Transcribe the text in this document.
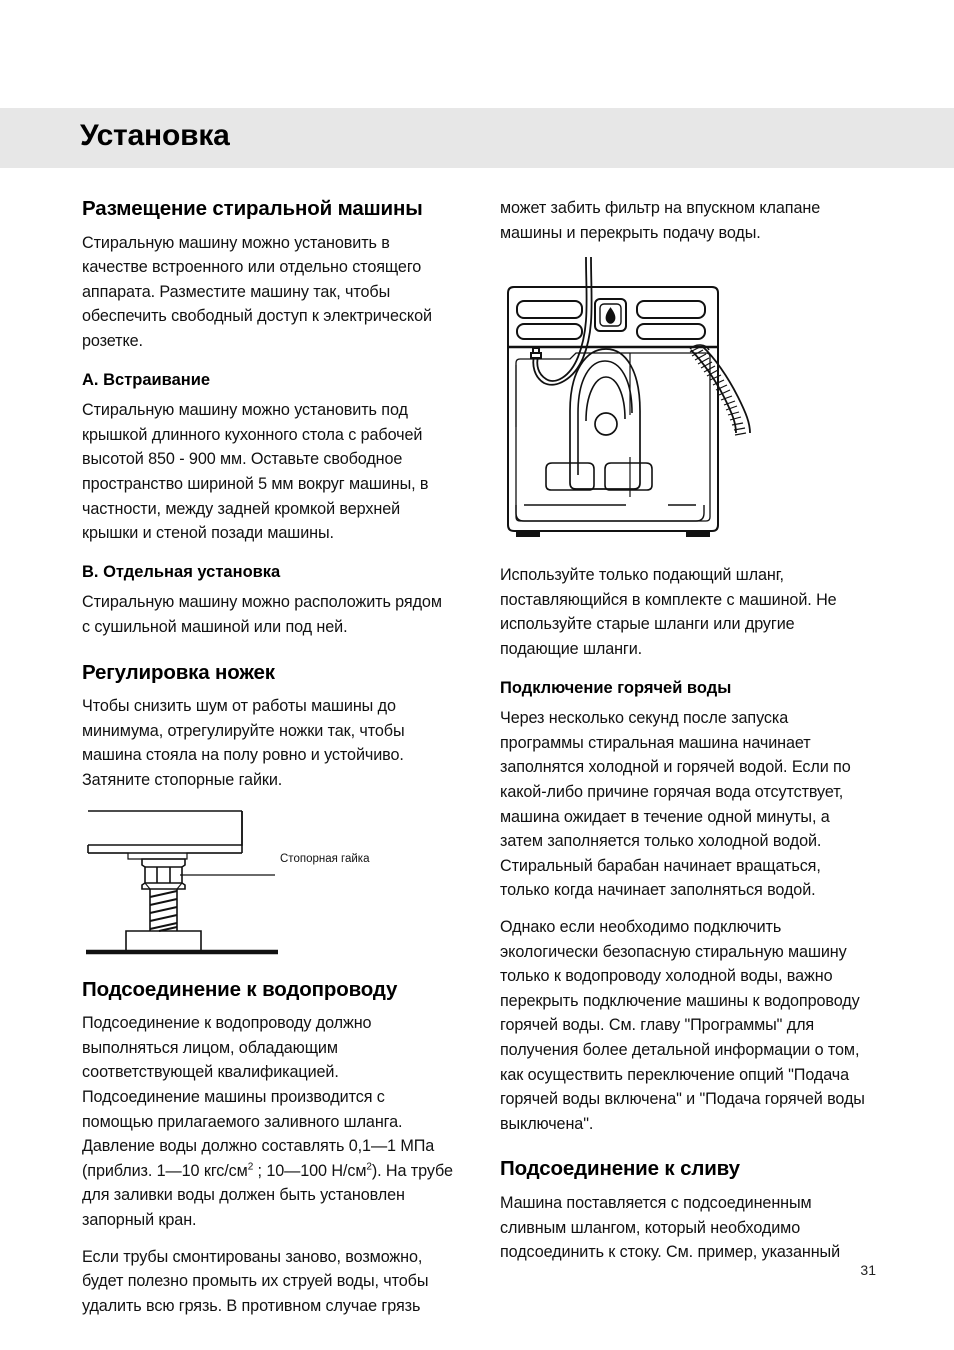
Установка
Размещение стиральной машины

Стиральную машину можно установить в качестве встроенного или отдельно стоящего аппарата. Разместите машину так, чтобы обеспечить свободный доступ к электрической розетке.

А. Встраивание

Стиральную машину можно установить под крышкой длинного кухонного стола с рабочей высотой 850 - 900 мм. Оставьте свободное пространство шириной 5 мм вокруг машины, в частности, между задней кромкой верхней крышки и стеной позади машины.

В. Отдельная установка

Стиральную машину можно расположить рядом с сушильной машиной или под ней.

Регулировка ножек

Чтобы снизить шум от работы машины до минимума, отрегулируйте ножки так, чтобы машина стояла на полу ровно и устойчиво. Затяните стопорные гайки.

Стопорная гайка
Подсоединение к водопроводу

Подсоединение к водопроводу должно выполняться лицом, обладающим соответствующей квалификацией. Подсоединение машины производится с помощью прилагаемого заливного шланга. Давление воды должно составлять 0,1—1 МПа (приблиз. 1—10 кгс/$см^2$ ; 10—100 $Н/см^2$). На трубе для заливки воды должен быть установлен запорный кран.

Если трубы смонтированы заново, возможно, будет полезно промыть их струей воды, чтобы удалить всю грязь. В противном случае грязь

может забить фильтр на впускном клапане машины и перекрыть подачу воды.

Используйте только подающий шланг, поставляющийся в комплекте с машиной. Не используйте старые шланги или другие подающие шланги.

Подключение горячей воды

Через несколько секунд после запуска программы стиральная машина начинает заполнятся холодной и горячей водой. Если по какой-либо причине горячая вода отсутствует, машина ожидает в течение одной минуты, а затем заполняется только холодной водой. Стиральный барабан начинает вращаться, только когда начинает заполняться водой.

Однако если необходимо подключить экологически безопасную стиральную машину только к водопроводу холодной воды, важно перекрыть подключение машины к водопроводу горячей воды. См. главу "Программы" для получения более детальной информации о том, как осуществить переключение опций "Подача горячей воды включена" и "Подача горячей воды выключена".

Подсоединение к сливу

Машина поставляется с подсоединенным сливным шлангом, который необходимо подсоединить к стоку. См. пример, указанный

31
